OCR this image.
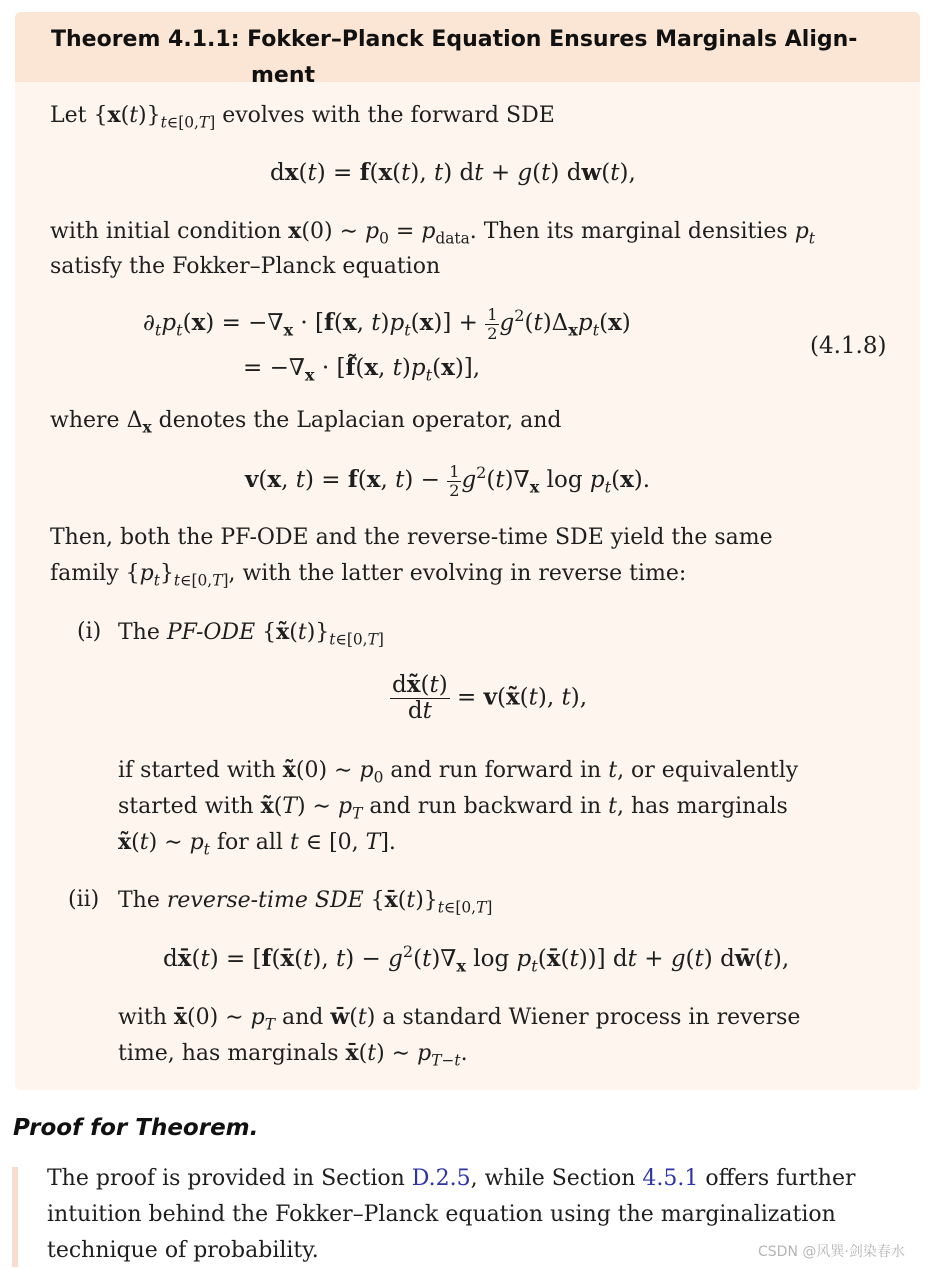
Theorem 4.1.1: Fokker–Planck Equation Ensures Marginals Align-
ment
Let $\{x(t)\}_{t\in[0,T]}$ evolves with the forward SDE
dx(t) = f(x(t), t) dt + g(t) dw(t),
with initial condition x(0) ∼ $p_0 = p_{data}$. Then its marginal densities $p_t$
satisfy the Fokker–Planck equation
$\partial_tp_t(x) = -\nabla_x \cdot [f(x$, $t)p_t(x)] + \frac{1}{2} g^2(t)\Delta_xp_t(x)$
= $-\nabla_x$ · [f̃(x, $t)p_t(x)$],
(4.1.8)
where $\Delta_x$ denotes the Laplacian operator, and
v(x, t) = f(x, $t) - \frac{1}{2} g^2(t)\nabla_x$ $\log p_t(x)$.
Then, both the PF-ODE and the reverse-time SDE yield the same
family $\{p_t\}_{t\in[0,T]}$, with the latter evolving in reverse time:
(i) The PF-ODE $\{x̃(t)\}_{t\in[0,T]}$
$\frac{dx̃(t)}{dt}$ = v(x̃(t), t),
if started with x̃(0) ∼ $p_0$ and run forward in t, or equivalently
started with x̃(T) ∼ $p_T$ and run backward in t, has marginals
x̃(t) ∼ $p_t$ for all t ∈ [0, T].
(ii) The reverse-time SDE $\{x̄(t)\}_{t\in[0,T]}$
dx̄(t) = [f(x̄(t), $t) - g^2(t)\nabla_x$ $\log p_t(x̄(t))$] dt + g(t) dw̄(t),
with x̄(0) ∼ $p_T$ and w̄(t) a standard Wiener process in reverse
time, has marginals x̄(t) ∼ $p_{T-t}$.
Proof for Theorem.
The proof is provided in Section D.2.5, while Section 4.5.1 offers further
intuition behind the Fokker–Planck equation using the marginalization
technique of probability.	CSDN @风巽·剑染春水
